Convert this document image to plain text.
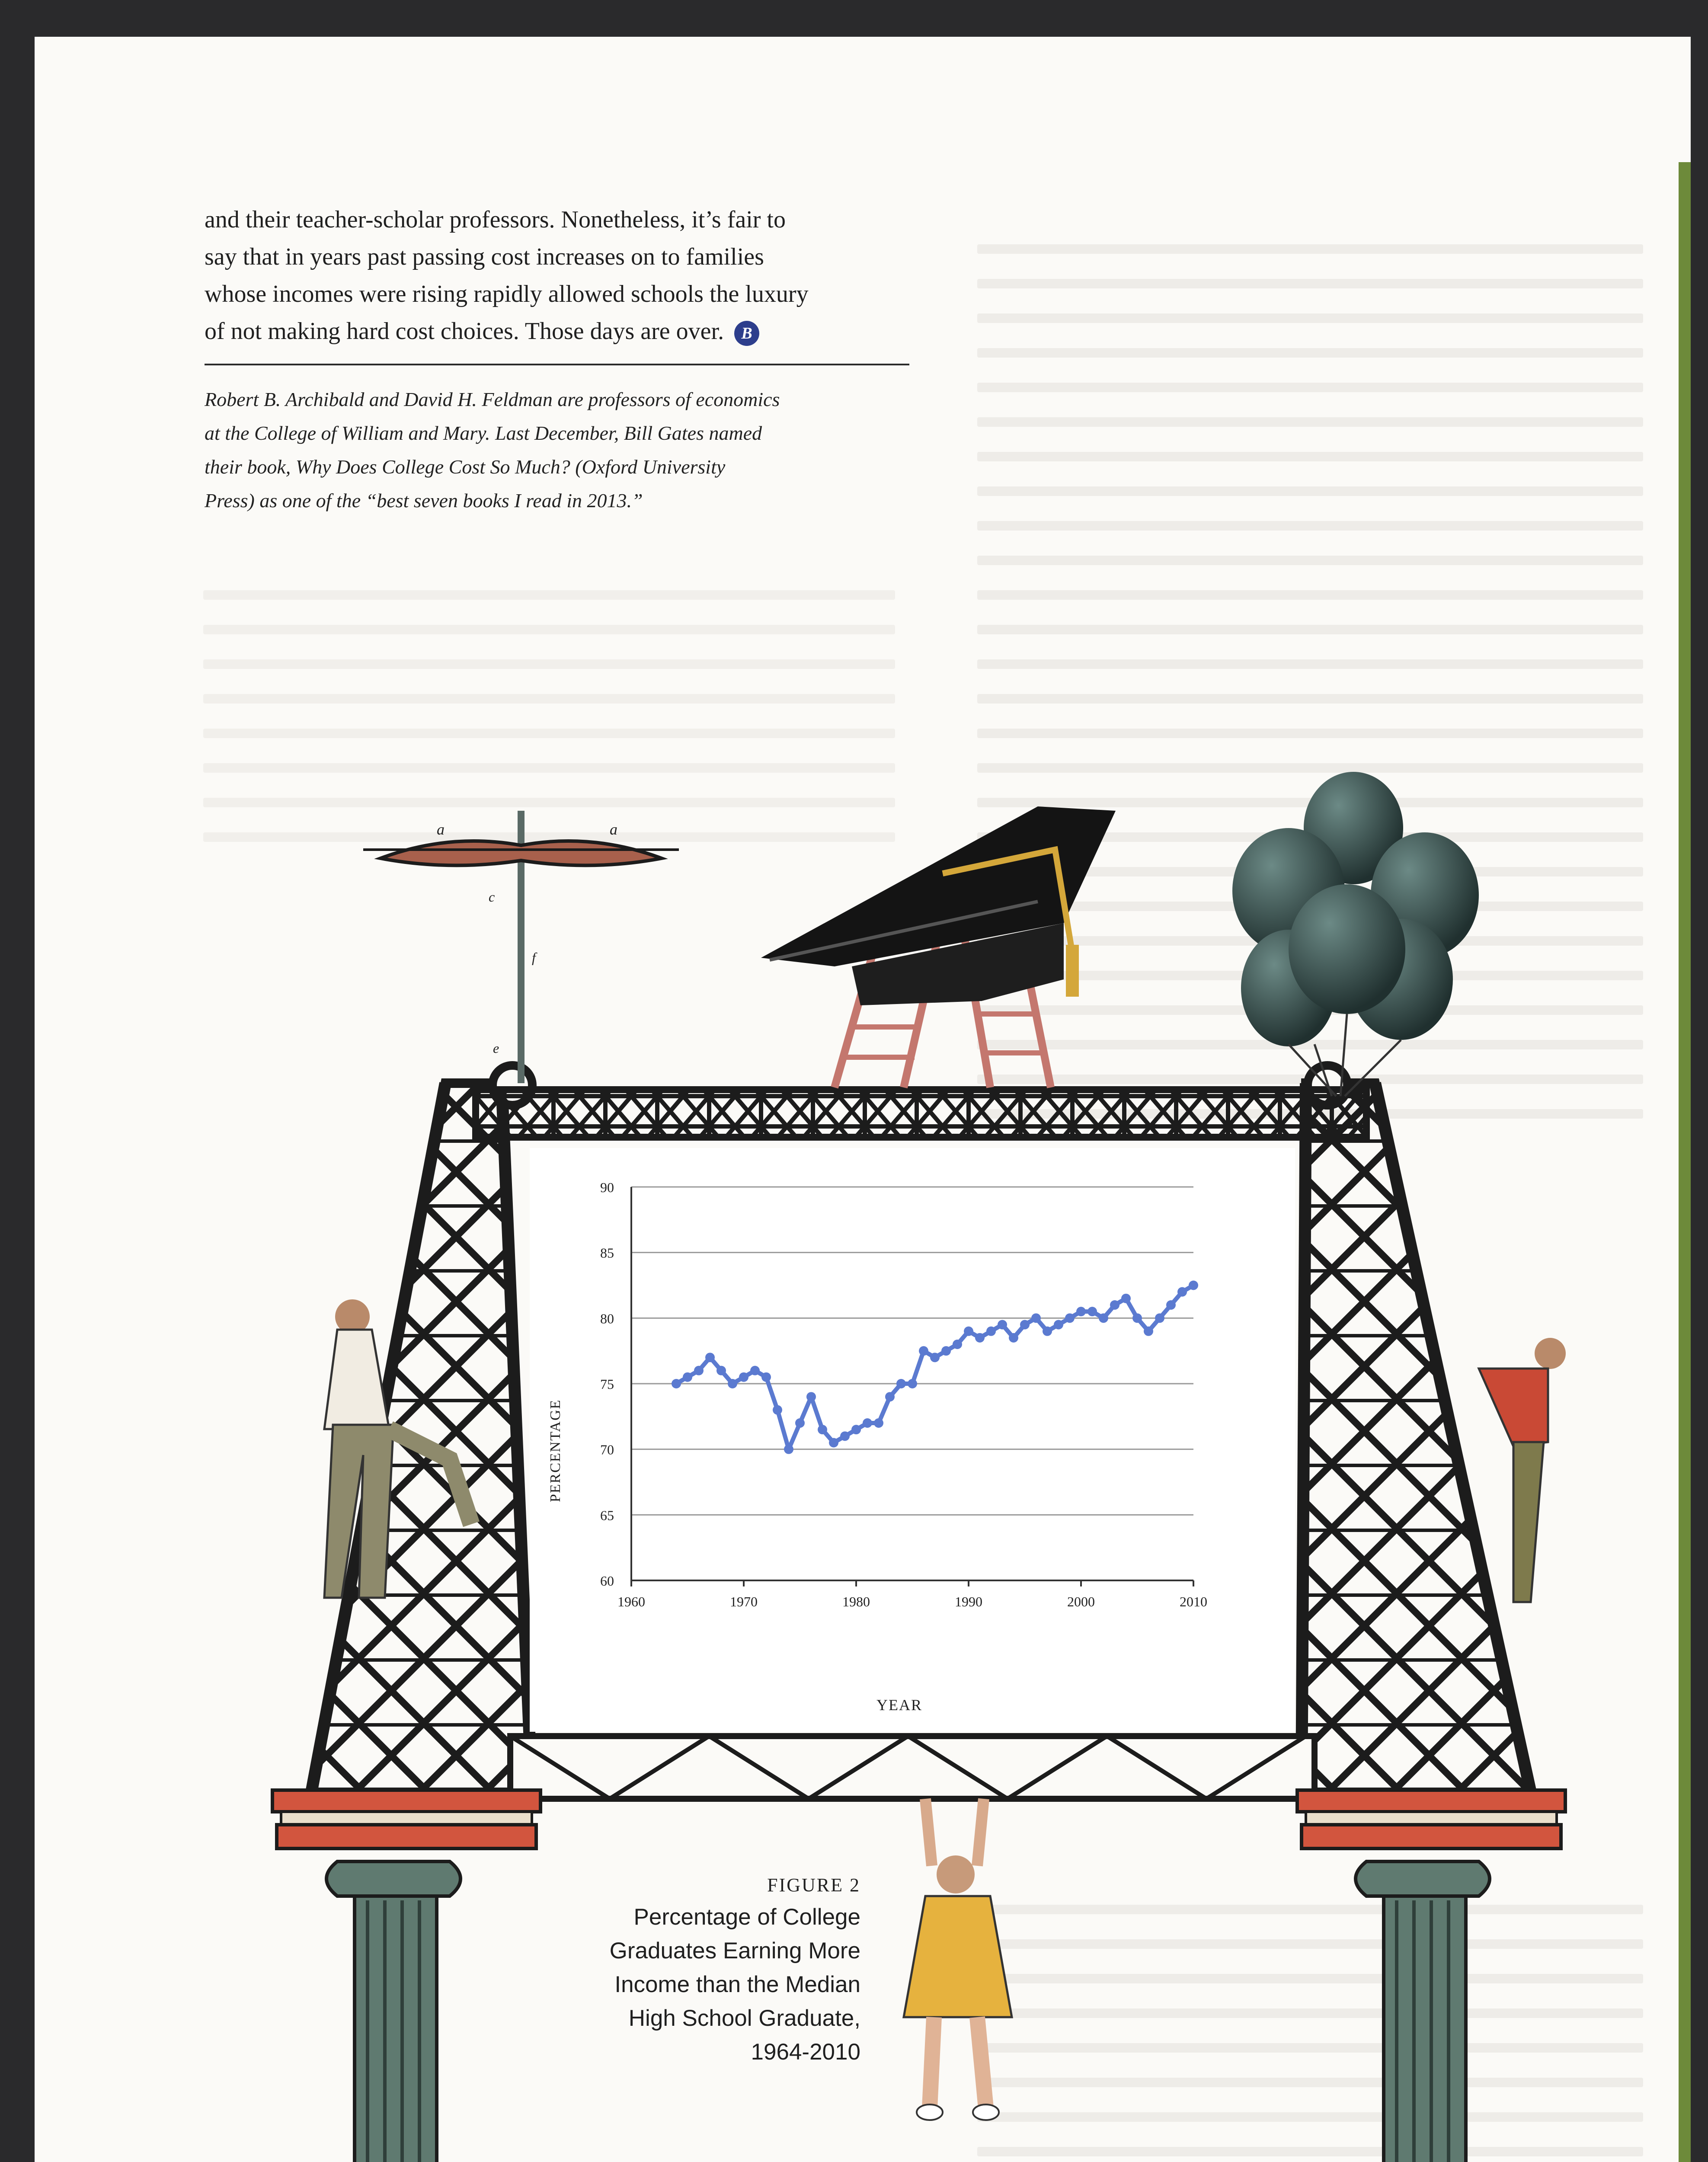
and their teacher-scholar professors. Nonetheless, it’s fair to
say that in years past passing cost increases on to families
whose incomes were rising rapidly allowed schools the luxury
of not making hard cost choices. Those days are over. B
Robert B. Archibald and David H. Feldman are professors of economics
at the College of William and Mary. Last December, Bill Gates named
their book, Why Does College Cost So Much? (Oxford University
Press) as one of the “best seven books I read in 2013.”
a	a
c
f
e
60
65
70
75
80
85
90
1960	1970	1980	1990	2000	2010
YEAR
PERCENTAGE
FIGURE 2
Percentage of College
Graduates Earning More
Income than the Median
High School Graduate,
1964-2010
